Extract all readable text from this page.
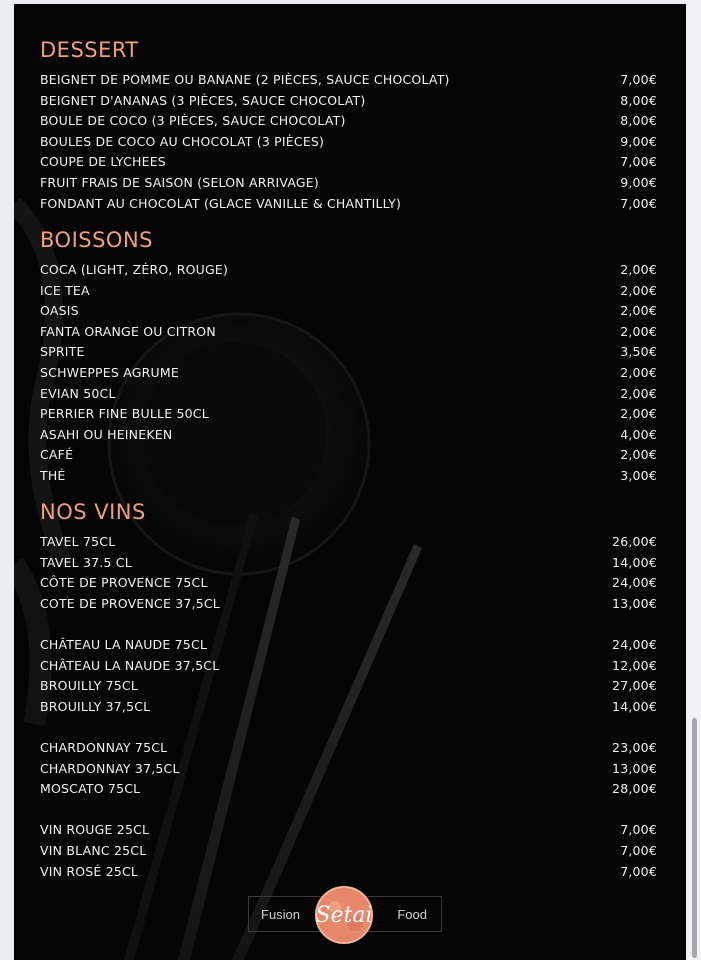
DESSERT
BEIGNET DE POMME OU BANANE (2 PIÈCES, SAUCE CHOCOLAT)	7,00€
BEIGNET D'ANANAS (3 PIÈCES, SAUCE CHOCOLAT)	8,00€
BOULE DE COCO (3 PIÈCES, SAUCE CHOCOLAT)	8,00€
BOULES DE COCO AU CHOCOLAT (3 PIÈCES)	9,00€
COUPE DE LYCHEES	7,00€
FRUIT FRAIS DE SAISON (SELON ARRIVAGE)	9,00€
FONDANT AU CHOCOLAT (GLACE VANILLE & CHANTILLY)	7,00€
BOISSONS
COCA (LIGHT, ZÉRO, ROUGE)	2,00€
ICE TEA	2,00€
OASIS	2,00€
FANTA ORANGE OU CITRON	2,00€
SPRITE	3,50€
SCHWEPPES AGRUME	2,00€
EVIAN 50CL	2,00€
PERRIER FINE BULLE 50CL	2,00€
ASAHI OU HEINEKEN	4,00€
CAFÉ	2,00€
THÉ	3,00€
NOS VINS
TAVEL 75CL	26,00€
TAVEL 37.5 CL	14,00€
CÔTE DE PROVENCE 75CL	24,00€
COTE DE PROVENCE 37,5CL	13,00€
CHÂTEAU LA NAUDE 75CL	24,00€
CHÂTEAU LA NAUDE 37,5CL	12,00€
BROUILLY 75CL	27,00€
BROUILLY 37,5CL	14,00€
CHARDONNAY 75CL	23,00€
CHARDONNAY 37,5CL	13,00€
MOSCATO 75CL	28,00€
VIN ROUGE 25CL	7,00€
VIN BLANC 25CL	7,00€
VIN ROSÉ 25CL	7,00€
Fusion Setai Food
